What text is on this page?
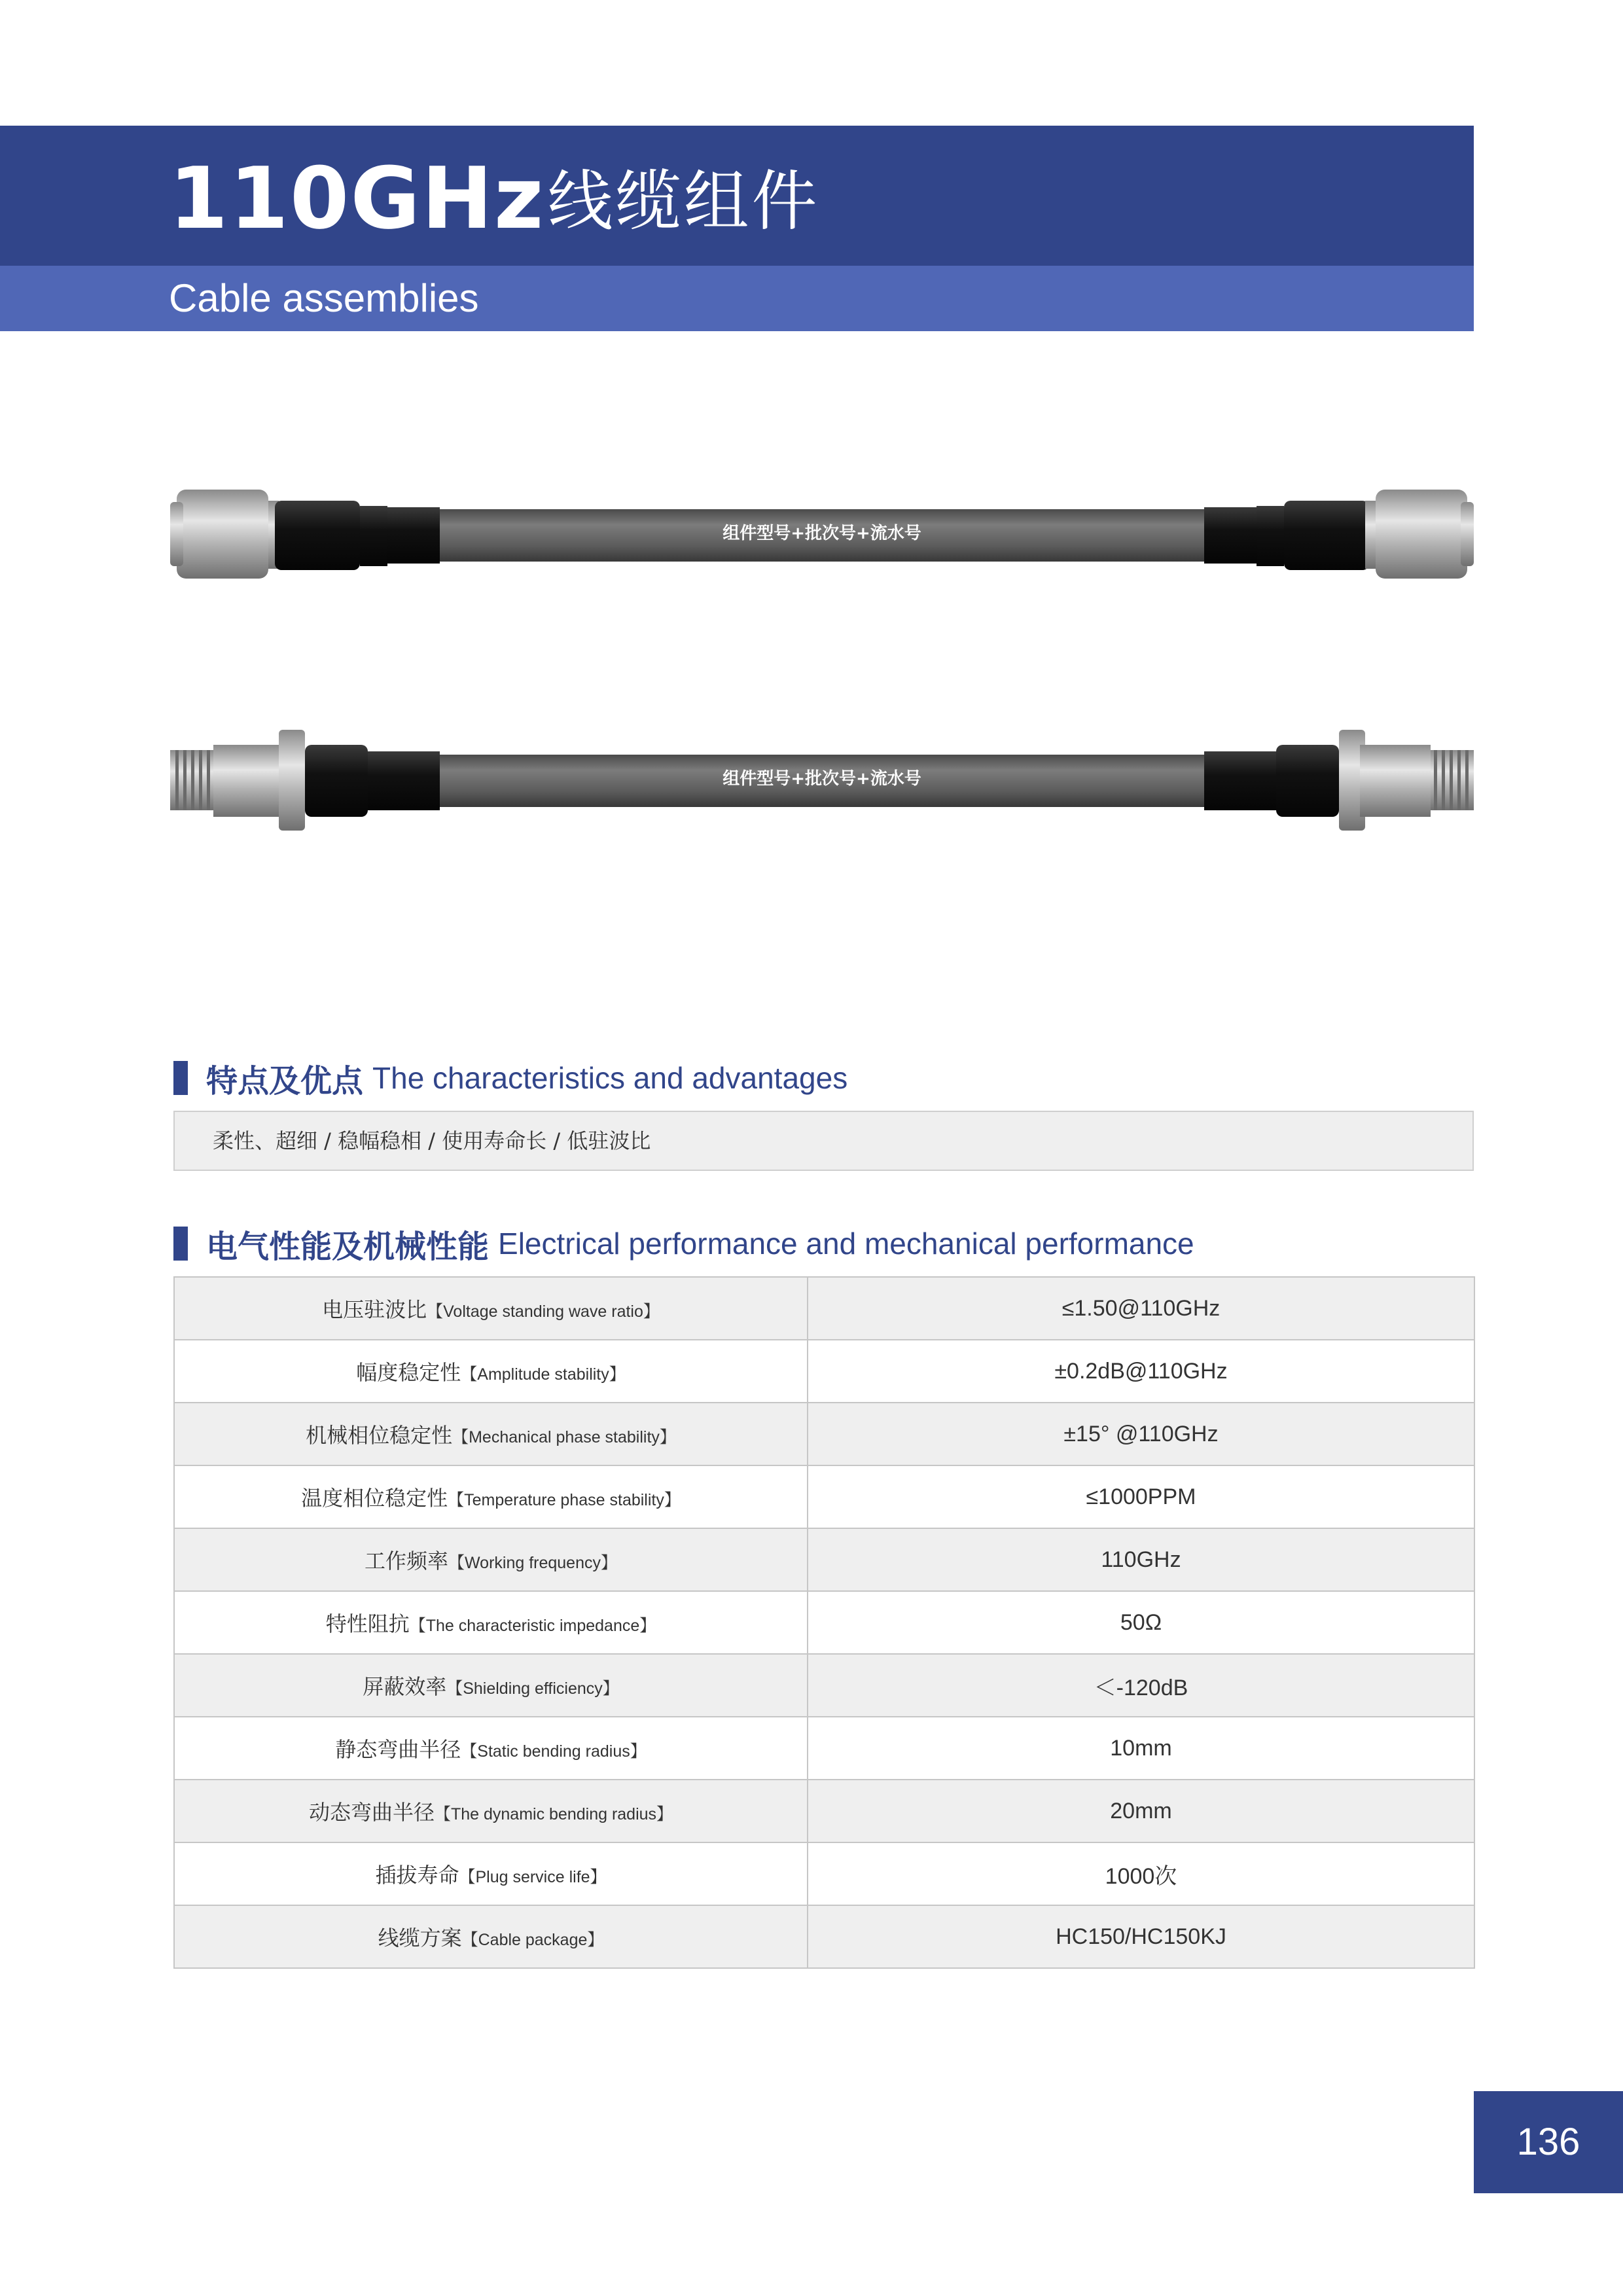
110GHz 线缆组件
Cable assemblies
组件型号+批次号+流水号
组件型号+批次号+流水号
特点及优点 The characteristics and advantages
柔性、超细 / 稳幅稳相 / 使用寿命长 / 低驻波比
电气性能及机械性能 Electrical performance and mechanical performance
电压驻波比【Voltage standing wave ratio】	≤1.50@110GHz
幅度稳定性【Amplitude stability】	±0.2dB@110GHz
机械相位稳定性【Mechanical phase stability】	±15° @110GHz
温度相位稳定性【Temperature phase stability】	≤1000PPM
工作频率【Working frequency】	110GHz
特性阻抗【The characteristic impedance】	50Ω
屏蔽效率【Shielding efficiency】	＜-120dB
静态弯曲半径【Static bending radius】	10mm
动态弯曲半径【The dynamic bending radius】	20mm
插拔寿命【Plug service life】	1000次
线缆方案【Cable package】	HC150/HC150KJ
136
